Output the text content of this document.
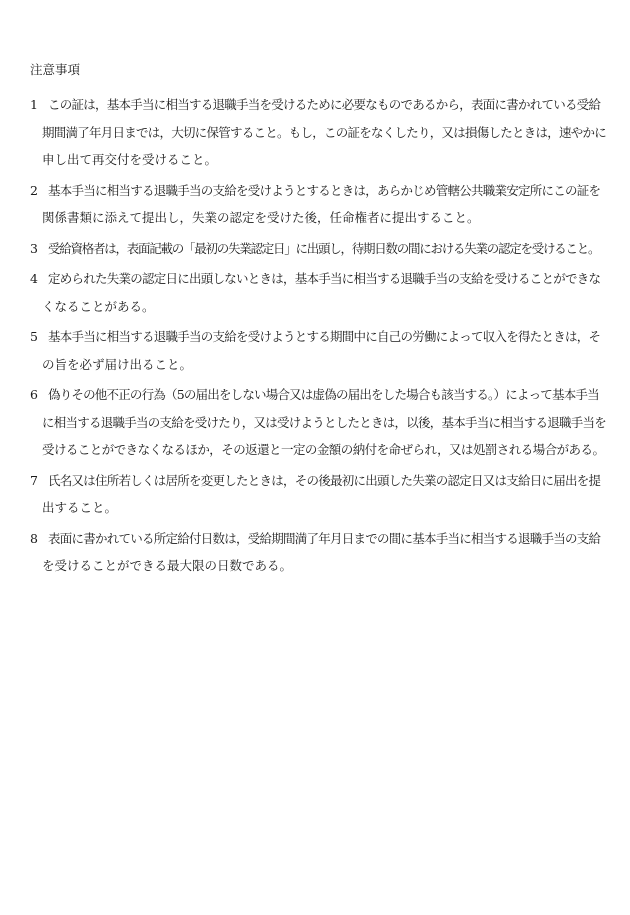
注意事項
1 この証は，基本手当に相当する退職手当を受けるために必要なものであるから，表面に書かれている受給
期間満了年月日までは，大切に保管すること。もし，この証をなくしたり，又は損傷したときは，速やかに
申し出て再交付を受けること。
2 基本手当に相当する退職手当の支給を受けようとするときは，あらかじめ管轄公共職業安定所にこの証を
関係書類に添えて提出し，失業の認定を受けた後，任命権者に提出すること。
3 受給資格者は，表面記載の「最初の失業認定日」に出頭し，待期日数の間における失業の認定を受けること。
4 定められた失業の認定日に出頭しないときは，基本手当に相当する退職手当の支給を受けることができな
くなることがある。
5 基本手当に相当する退職手当の支給を受けようとする期間中に自己の労働によって収入を得たときは，そ
の旨を必ず届け出ること。
6 偽りその他不正の行為（5の届出をしない場合又は虚偽の届出をした場合も該当する。）によって基本手当
に相当する退職手当の支給を受けたり，又は受けようとしたときは，以後，基本手当に相当する退職手当を
受けることができなくなるほか，その返還と一定の金額の納付を命ぜられ，又は処罰される場合がある。
7 氏名又は住所若しくは居所を変更したときは，その後最初に出頭した失業の認定日又は支給日に届出を提
出すること。
8 表面に書かれている所定給付日数は，受給期間満了年月日までの間に基本手当に相当する退職手当の支給
を受けることができる最大限の日数である。
